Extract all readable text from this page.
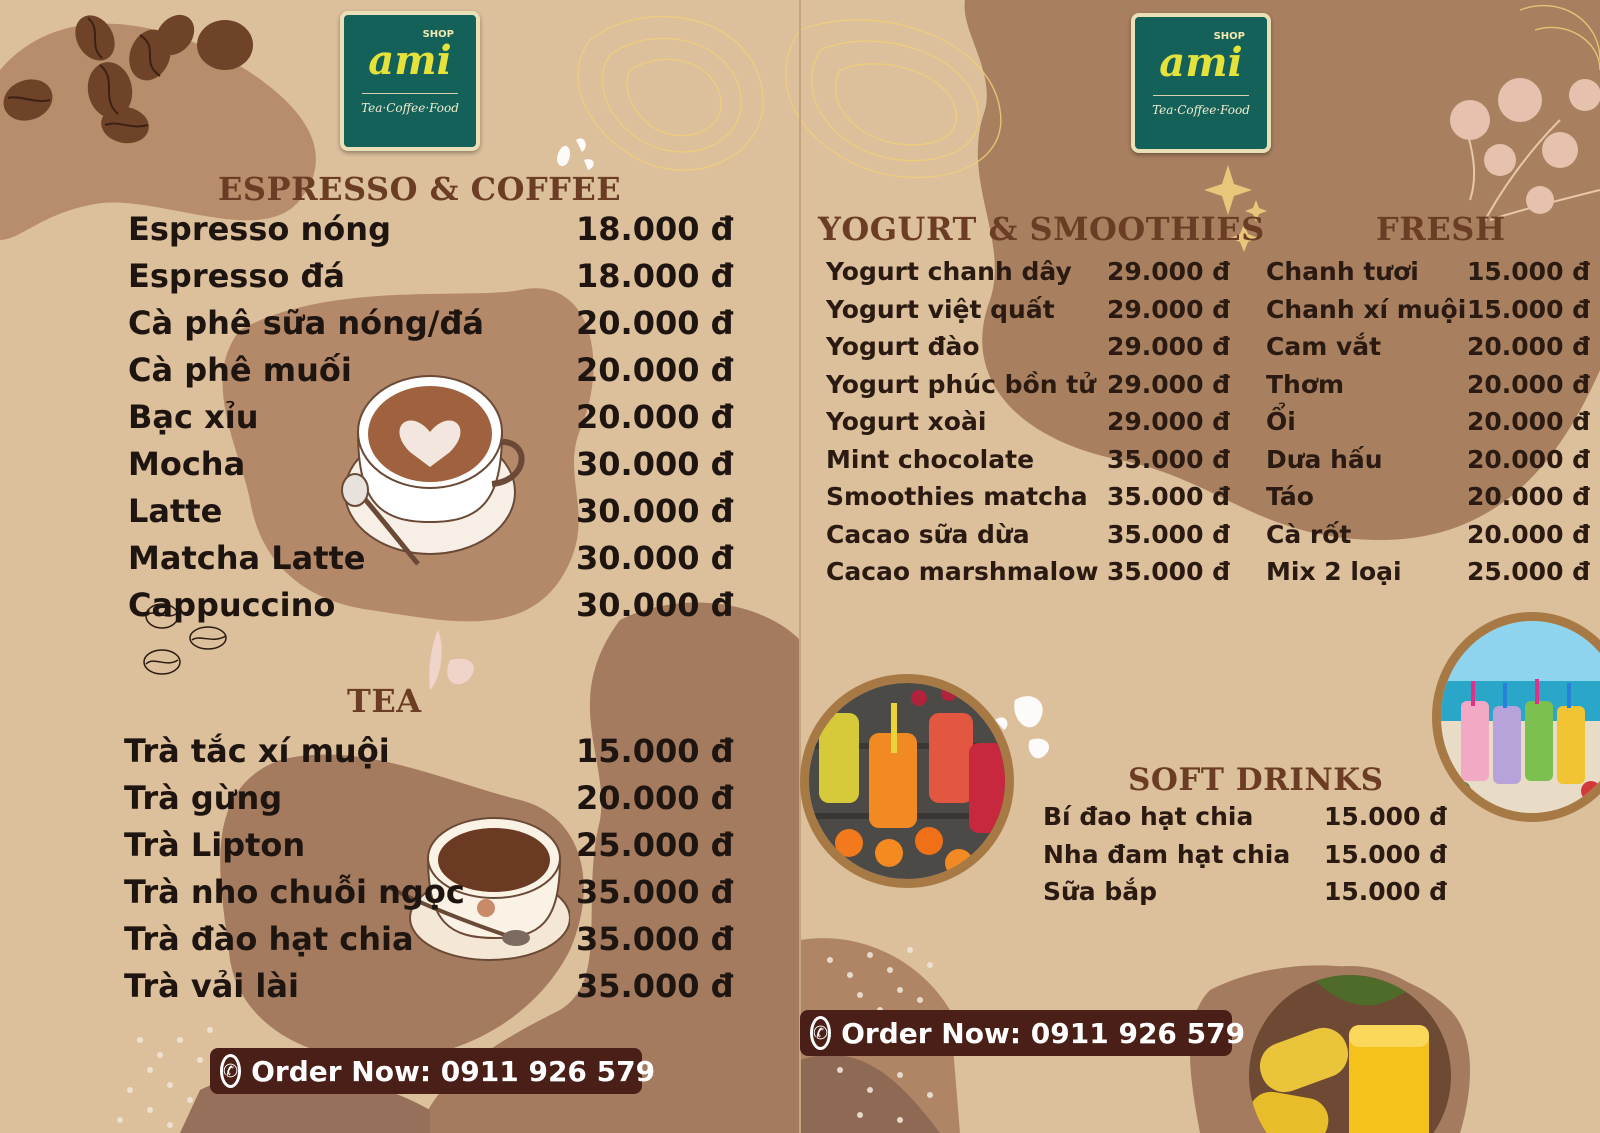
SHOP
ami
Tea·Coffee·Food
SHOP
ami
Tea·Coffee·Food
ESPRESSO & COFFEE
TEA
YOGURT & SMOOTHIES	FRESH
SOFT DRINKS
Espresso nóng	18.000 đ
Espresso đá	18.000 đ
Cà phê sữa nóng/đá	20.000 đ
Cà phê muối	20.000 đ
Bạc xỉu	20.000 đ
Mocha	30.000 đ
Latte	30.000 đ
Matcha Latte	30.000 đ
Cappuccino	30.000 đ
Trà tắc xí muội	15.000 đ
Trà gừng	20.000 đ
Trà Lipton	25.000 đ
Trà nho chuỗi ngọc	35.000 đ
Trà đào hạt chia	35.000 đ
Trà vải lài	35.000 đ
Yogurt chanh dây 29.000 đ
Yogurt việt quất 29.000 đ
Yogurt đào	29.000 đ
Yogurt phúc bồn tử 29.000 đ
Yogurt xoài	29.000 đ
Mint chocolate	35.000 đ
Smoothies matcha 35.000 đ
Cacao sữa dừa	35.000 đ
Cacao marshmalow 35.000 đ
Chanh tươi 15.000 đ
Chanh xí muội 15.000 đ
Cam vắt	20.000 đ
Thơm	20.000 đ
Ổi	20.000 đ
Dưa hấu	20.000 đ
Táo	20.000 đ
Cà rốt	20.000 đ
Mix 2 loại	25.000 đ
Bí đao hạt chia	15.000 đ
Nha đam hạt chia 15.000 đ
Sữa bắp	15.000 đ
✆ Order Now: 0911 926 579
✆ Order Now: 0911 926 579
